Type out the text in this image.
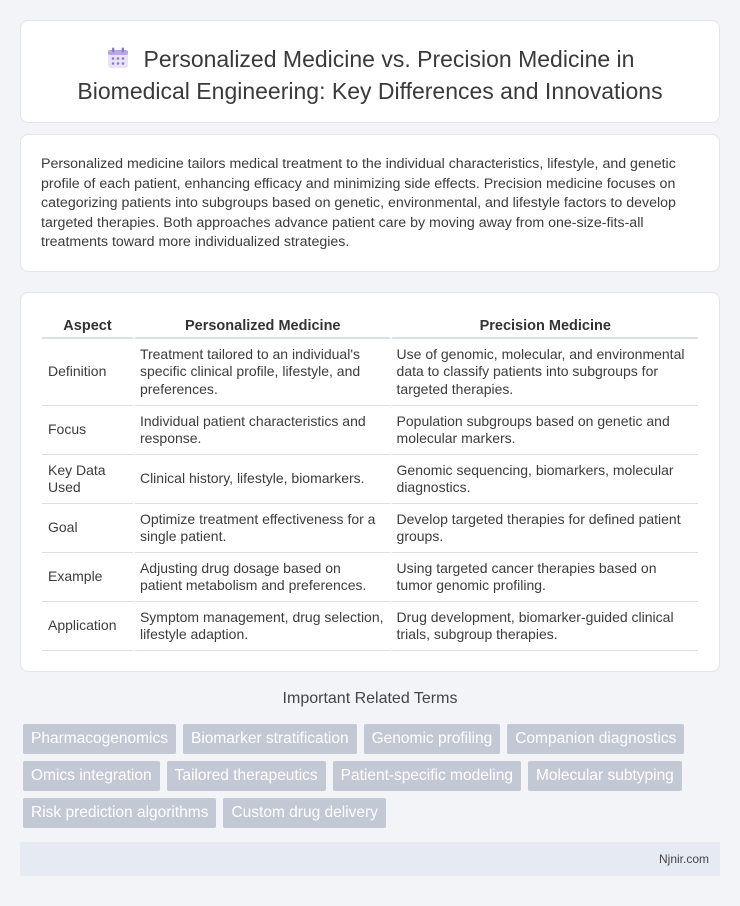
Personalized Medicine vs. Precision Medicine in
Biomedical Engineering: Key Differences and Innovations

Personalized medicine tailors medical treatment to the individual characteristics, lifestyle, and genetic profile of each patient, enhancing efficacy and minimizing side effects. Precision medicine focuses on categorizing patients into subgroups based on genetic, environmental, and lifestyle factors to develop targeted therapies. Both approaches advance patient care by moving away from one-size-fits-all treatments toward more individualized strategies.

Aspect	Personalized Medicine	Precision Medicine
Definition	Treatment tailored to an individual's specific clinical profile, lifestyle, and preferences.	Use of genomic, molecular, and environmental data to classify patients into subgroups for targeted therapies.
Focus	Individual patient characteristics and response.	Population subgroups based on genetic and molecular markers.
Key Data Used	Clinical history, lifestyle, biomarkers.	Genomic sequencing, biomarkers, molecular diagnostics.
Goal	Optimize treatment effectiveness for a single patient.	Develop targeted therapies for defined patient groups.
Example	Adjusting drug dosage based on patient metabolism and preferences.	Using targeted cancer therapies based on tumor genomic profiling.
Application	Symptom management, drug selection, lifestyle adaption.	Drug development, biomarker-guided clinical trials, subgroup therapies.
Important Related Terms
Pharmacogenomics	Biomarker stratification	Genomic profiling	Companion diagnostics
Omics integration	Tailored therapeutics	Patient-specific modeling	Molecular subtyping
Risk prediction algorithms	Custom drug delivery
Njnir.com
